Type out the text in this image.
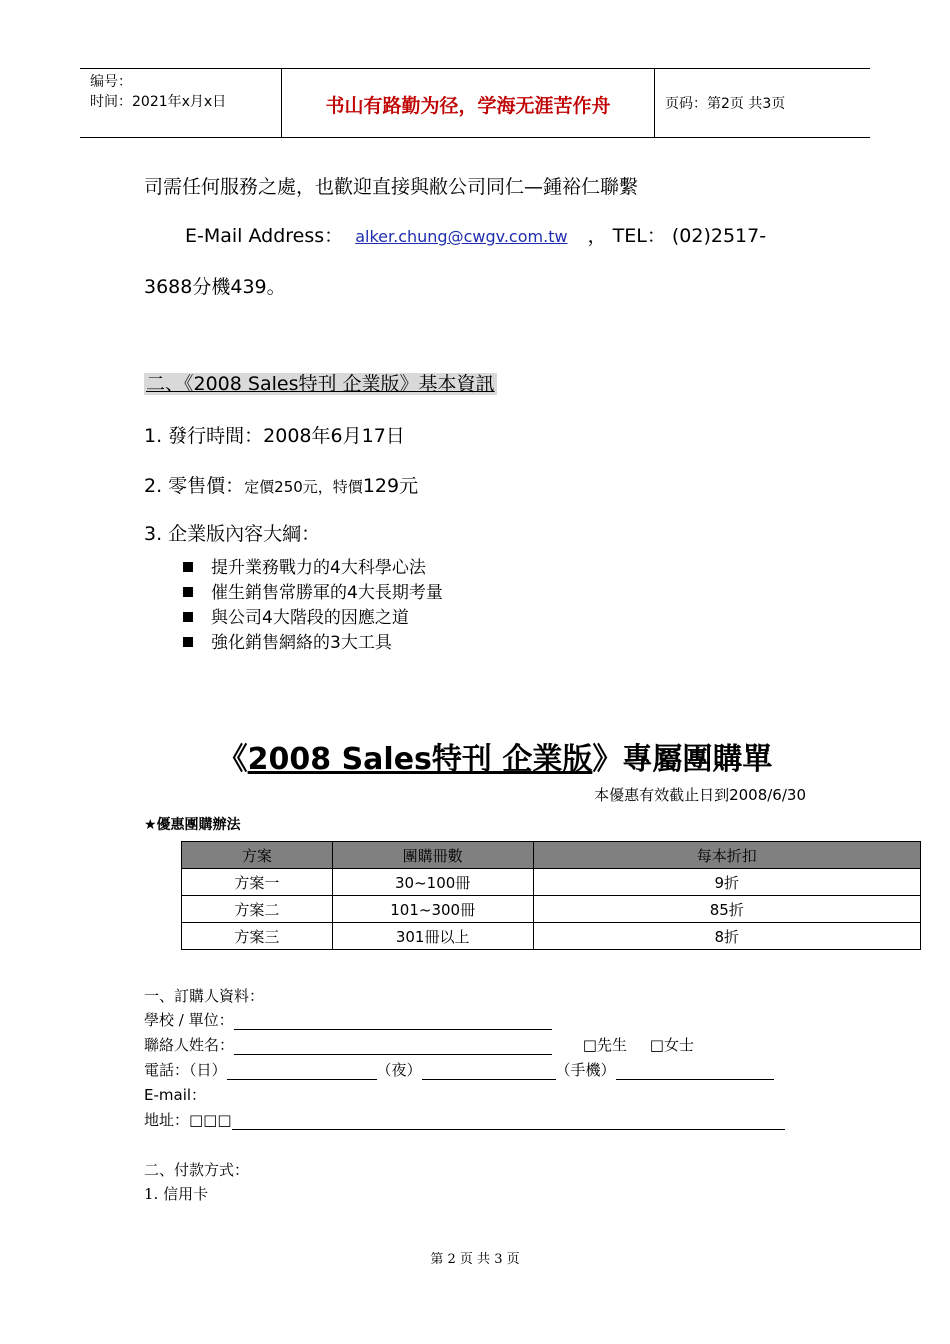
编号：
时间：2021年x月x日	书山有路勤为径，学海无涯苦作舟	页码：第2页 共3页
司需任何服務之處，也歡迎直接與敝公司同仁—鍾裕仁聯繫
E-Mail Address： alker.chung@cwgv.com.tw ， TEL： (02)2517-
3688分機439。
二、《2008 Sales特刊 企業版》基本資訊
1. 發行時間：2008年6月17日
2. 零售價：定價250元，特價129元
3. 企業版內容大綱：
提升業務戰力的4大科學心法
催生銷售常勝軍的4大長期考量
與公司4大階段的因應之道
強化銷售網絡的3大工具
《2008 Sales特刊 企業版》專屬團購單
本優惠有效截止日到2008/6/30
★優惠團購辦法
方案	團購冊數	每本折扣
方案一	30~100冊	9折
方案二	101~300冊	85折
方案三	301冊以上	8折
一、訂購人資料：
學校 / 單位：
聯絡人姓名：	□先生 □女士
電話：（日）	（夜）	（手機）
E-mail：
地址：□□□
二、付款方式：
1. 信用卡
第 2 页 共 3 页
